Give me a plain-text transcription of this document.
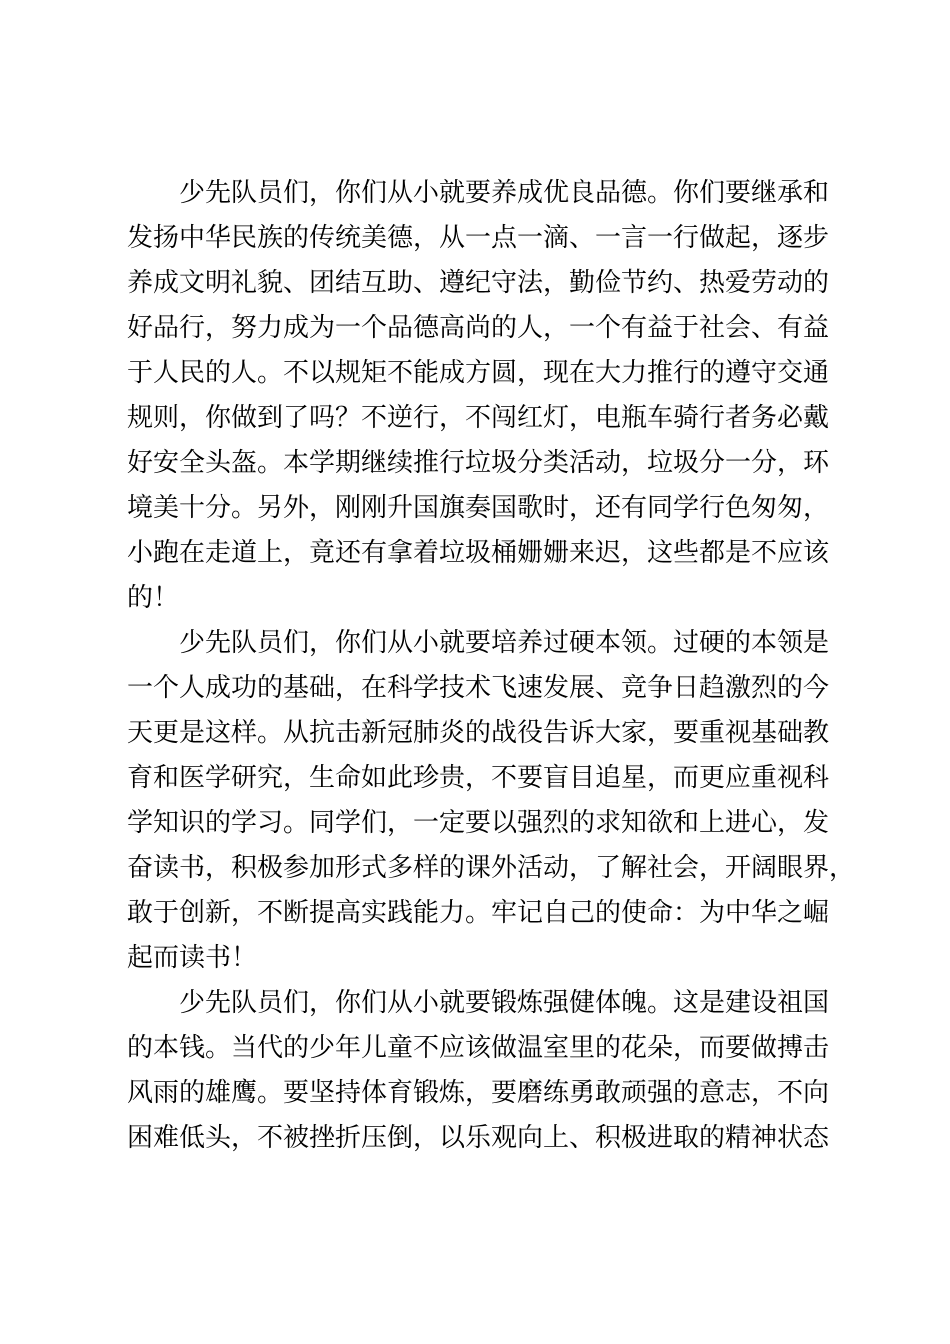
少先队员们，你们从小就要养成优良品德。你们要继承和
发扬中华民族的传统美德，从一点一滴、一言一行做起，逐步
养成文明礼貌、团结互助、遵纪守法，勤俭节约、热爱劳动的
好品行，努力成为一个品德高尚的人，一个有益于社会、有益
于人民的人。不以规矩不能成方圆，现在大力推行的遵守交通
规则，你做到了吗？不逆行，不闯红灯，电瓶车骑行者务必戴
好安全头盔。本学期继续推行垃圾分类活动，垃圾分一分，环
境美十分。另外，刚刚升国旗奏国歌时，还有同学行色匆匆，
小跑在走道上，竟还有拿着垃圾桶姗姗来迟，这些都是不应该
的！
少先队员们，你们从小就要培养过硬本领。过硬的本领是
一个人成功的基础，在科学技术飞速发展、竞争日趋激烈的今
天更是这样。从抗击新冠肺炎的战役告诉大家，要重视基础教
育和医学研究，生命如此珍贵，不要盲目追星，而更应重视科
学知识的学习。同学们，一定要以强烈的求知欲和上进心，发
奋读书，积极参加形式多样的课外活动，了解社会，开阔眼界，
敢于创新，不断提高实践能力。牢记自己的使命：为中华之崛
起而读书！
少先队员们，你们从小就要锻炼强健体魄。这是建设祖国
的本钱。当代的少年儿童不应该做温室里的花朵，而要做搏击
风雨的雄鹰。要坚持体育锻炼，要磨练勇敢顽强的意志，不向
困难低头，不被挫折压倒，以乐观向上、积极进取的精神状态
